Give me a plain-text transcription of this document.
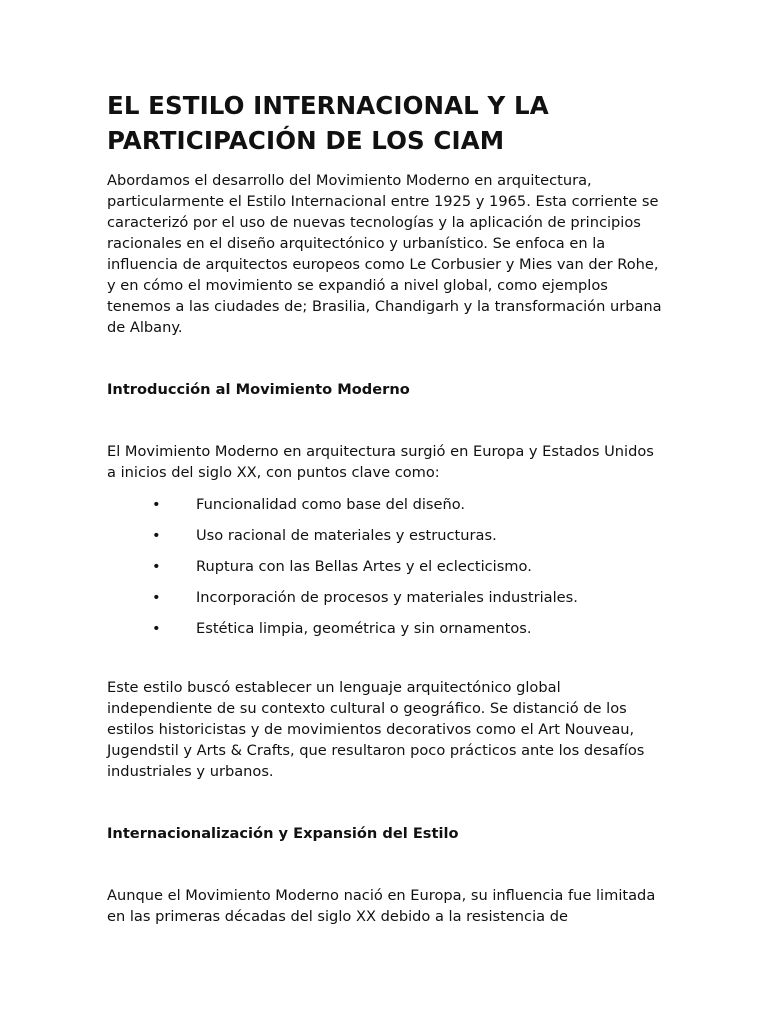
EL ESTILO INTERNACIONAL Y LA PARTICIPACIÓN DE LOS CIAM

Abordamos el desarrollo del Movimiento Moderno en arquitectura, particularmente el Estilo Internacional entre 1925 y 1965. Esta corriente se caracterizó por el uso de nuevas tecnologías y la aplicación de principios racionales en el diseño arquitectónico y urbanístico. Se enfoca en la influencia de arquitectos europeos como Le Corbusier y Mies van der Rohe, y en cómo el movimiento se expandió a nivel global, como ejemplos tenemos a las ciudades de; Brasilia, Chandigarh y la transformación urbana de Albany.

Introducción al Movimiento Moderno

El Movimiento Moderno en arquitectura surgió en Europa y Estados Unidos a inicios del siglo XX, con puntos clave como:

• Funcionalidad como base del diseño.
• Uso racional de materiales y estructuras.
• Ruptura con las Bellas Artes y el eclecticismo.
• Incorporación de procesos y materiales industriales.
• Estética limpia, geométrica y sin ornamentos.

Este estilo buscó establecer un lenguaje arquitectónico global independiente de su contexto cultural o geográfico. Se distanció de los estilos historicistas y de movimientos decorativos como el Art Nouveau, Jugendstil y Arts & Crafts, que resultaron poco prácticos ante los desafíos industriales y urbanos.

Internacionalización y Expansión del Estilo

Aunque el Movimiento Moderno nació en Europa, su influencia fue limitada en las primeras décadas del siglo XX debido a la resistencia de
